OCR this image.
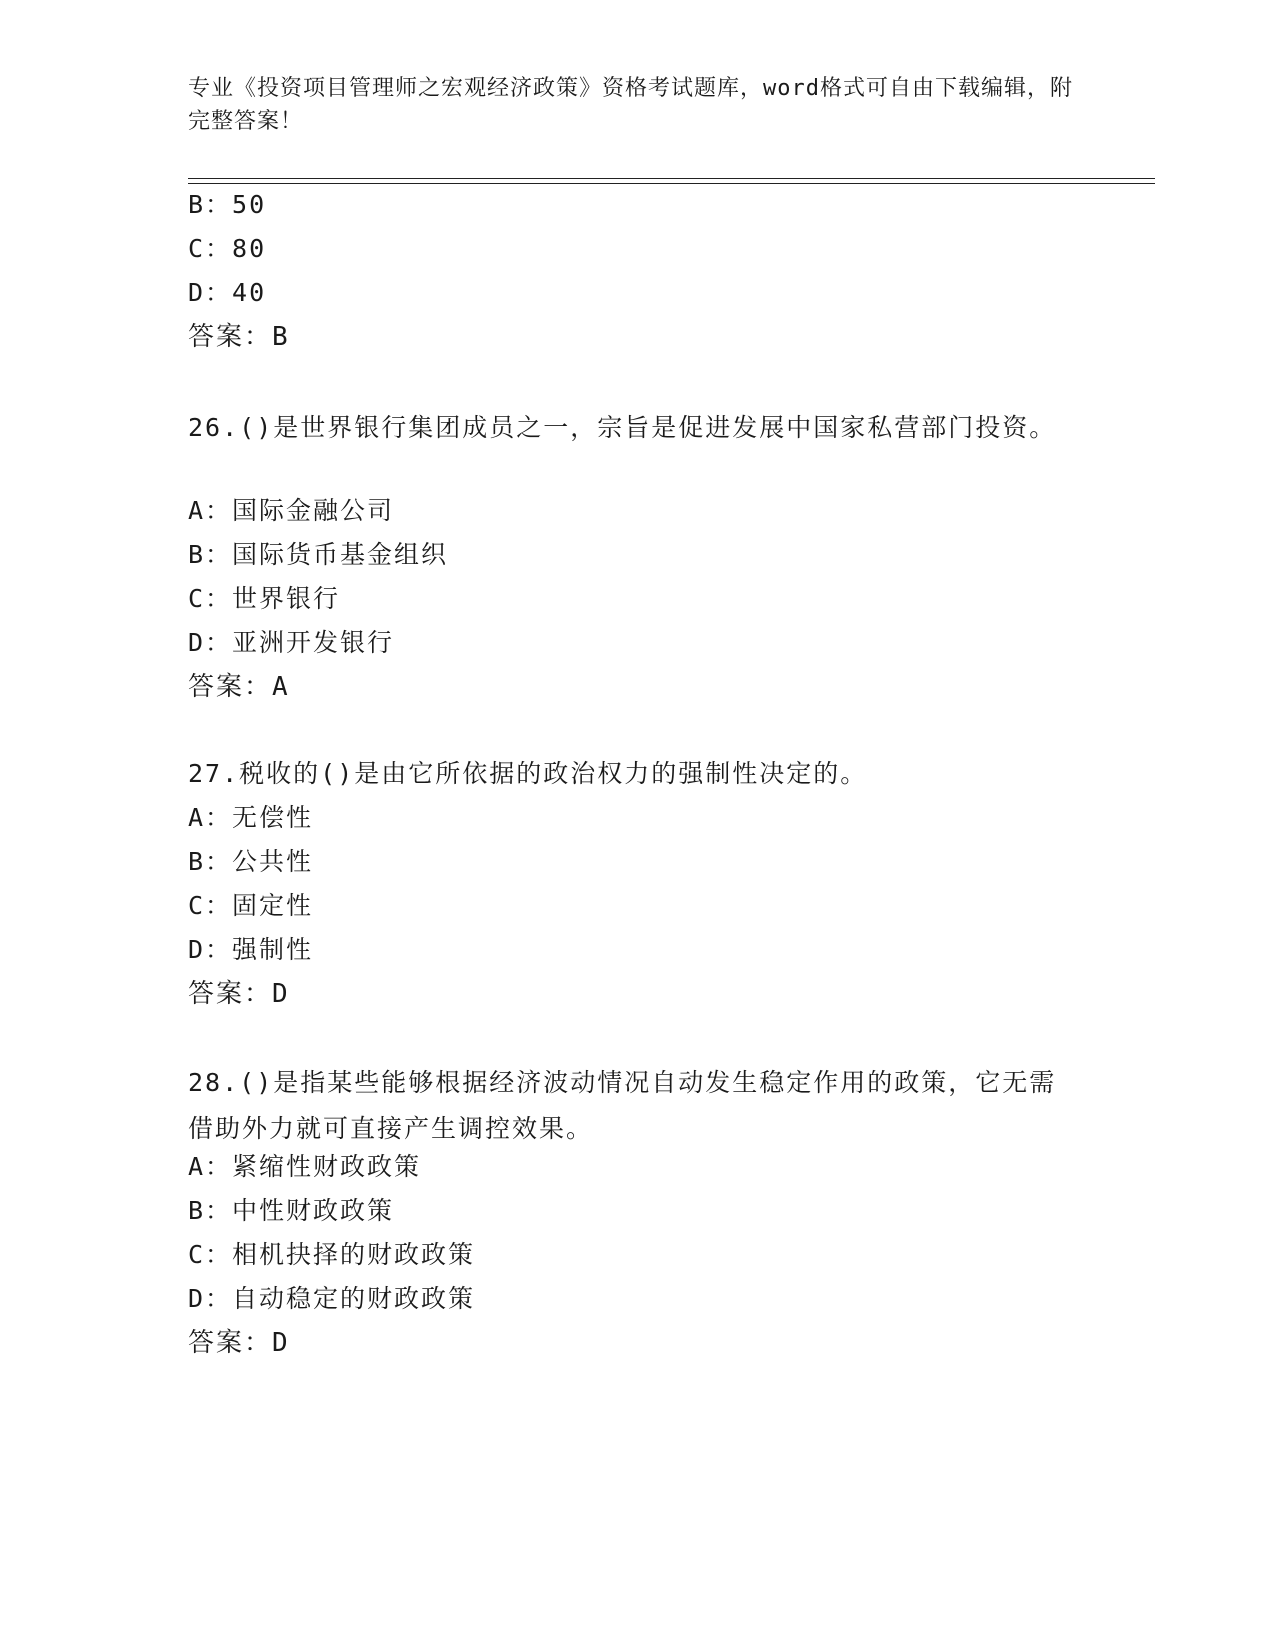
专业《投资项目管理师之宏观经济政策》资格考试题库，word格式可自由下载编辑，附完整答案！
B：50
C：80
D：40
答案：B
26.()是世界银行集团成员之一，宗旨是促进发展中国家私营部门投资。
A：国际金融公司
B：国际货币基金组织
C：世界银行
D：亚洲开发银行
答案：A
27.税收的()是由它所依据的政治权力的强制性决定的。
A：无偿性
B：公共性
C：固定性
D：强制性
答案：D
28.()是指某些能够根据经济波动情况自动发生稳定作用的政策，它无需借助外力就可直接产生调控效果。
A：紧缩性财政政策
B：中性财政政策
C：相机抉择的财政政策
D：自动稳定的财政政策
答案：D
